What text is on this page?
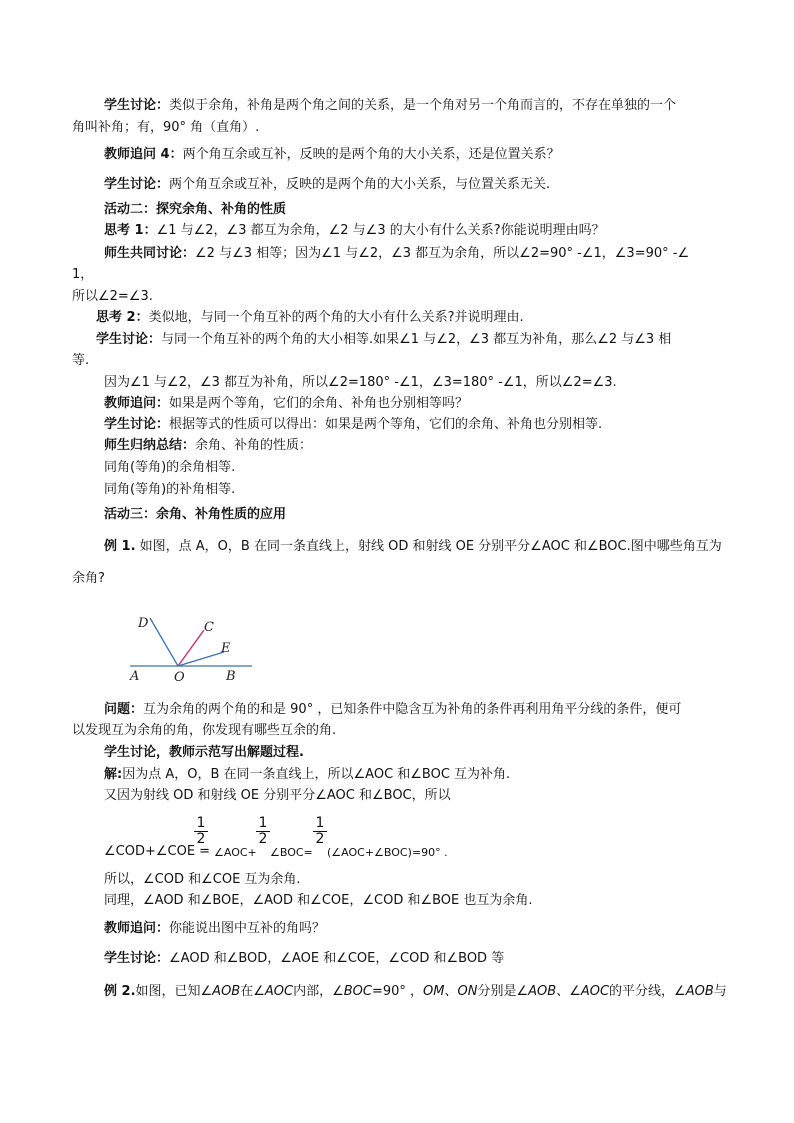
学生讨论：类似于余角，补角是两个角之间的关系，是一个角对另一个角而言的，不存在单独的一个
角叫补角；有，90° 角（直角）.
教师追问 4：两个角互余或互补，反映的是两个角的大小关系，还是位置关系？
学生讨论：两个角互余或互补，反映的是两个角的大小关系，与位置关系无关.
活动二：探究余角、补角的性质
思考 1：∠1 与∠2，∠3 都互为余角，∠2 与∠3 的大小有什么关系?你能说明理由吗？
师生共同讨论：∠2 与∠3 相等；因为∠1 与∠2，∠3 都互为余角，所以∠2=90° -∠1，∠3=90° -∠
1，
所以∠2=∠3.
思考 2：类似地，与同一个角互补的两个角的大小有什么关系?并说明理由.
学生讨论：与同一个角互补的两个角的大小相等.如果∠1 与∠2，∠3 都互为补角，那么∠2 与∠3 相
等.
因为∠1 与∠2，∠3 都互为补角，所以∠2=180° -∠1，∠3=180° -∠1，所以∠2=∠3.
教师追问：如果是两个等角，它们的余角、补角也分别相等吗？
学生讨论：根据等式的性质可以得出：如果是两个等角，它们的余角、补角也分别相等.
师生归纳总结：余角、补角的性质：
同角(等角)的余角相等.
同角(等角)的补角相等.
活动三：余角、补角性质的应用
例 1. 如图，点 A，O，B 在同一条直线上，射线 OD 和射线 OE 分别平分∠AOC 和∠BOC.图中哪些角互为
余角?
D	C
E
A	O	B
问题：互为余角的两个角的和是 90° ，已知条件中隐含互为补角的条件再利用角平分线的条件，便可
以发现互为余角的角，你发现有哪些互余的角.
学生讨论，教师示范写出解题过程.
解:因为点 A，O，B 在同一条直线上，所以∠AOC 和∠BOC 互为补角.
又因为射线 OD 和射线 OE 分别平分∠AOC 和∠BOC，所以
∠COD+∠COE =
$\frac{1}{2}$
∠AOC+
$\frac{1}{2}$
∠BOC=
$\frac{1}{2}$
(∠AOC+∠BOC)=90° .
所以，∠COD 和∠COE 互为余角.
同理，∠AOD 和∠BOE，∠AOD 和∠COE，∠COD 和∠BOE 也互为余角.
教师追问：你能说出图中互补的角吗？
学生讨论：∠AOD 和∠BOD，∠AOE 和∠COE，∠COD 和∠BOD 等
例 2.如图，已知∠AOB在∠AOC内部，∠BOC=90° ，OM、ON分别是∠AOB、∠AOC的平分线，∠AOB与
